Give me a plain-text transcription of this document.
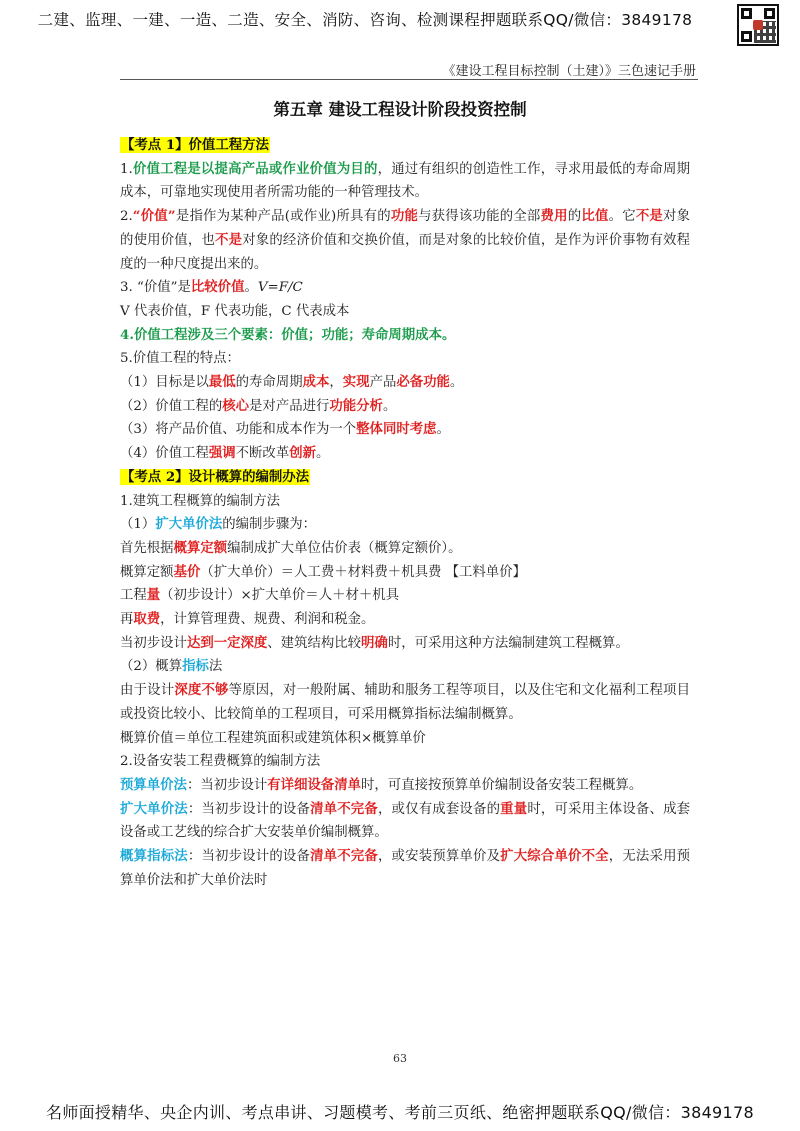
二建、监理、一建、一造、二造、安全、消防、咨询、检测课程押题联系QQ/微信：3849178
《建设工程目标控制（土建）》三色速记手册
第五章 建设工程设计阶段投资控制
【考点 1】价值工程方法
1.价值工程是以提高产品或作业价值为目的，通过有组织的创造性工作，寻求用最低的寿命周期成本，可靠地实现使用者所需功能的一种管理技术。
2.“价值”是指作为某种产品(或作业)所具有的功能与获得该功能的全部费用的比值。它不是对象的使用价值，也不是对象的经济价值和交换价值，而是对象的比较价值，是作为评价事物有效程度的一种尺度提出来的。
3. “价值”是比较价值。V=F/C
V 代表价值，F 代表功能，C 代表成本
4.价值工程涉及三个要素：价值；功能；寿命周期成本。
5.价值工程的特点：
（1）目标是以最低的寿命周期成本，实现产品必备功能。
（2）价值工程的核心是对产品进行功能分析。
（3）将产品价值、功能和成本作为一个整体同时考虑。
（4）价值工程强调不断改革创新。
【考点 2】设计概算的编制办法
1.建筑工程概算的编制方法
（1）扩大单价法的编制步骤为：
首先根据概算定额编制成扩大单位估价表（概算定额价）。
概算定额基价（扩大单价）＝人工费＋材料费＋机具费 【工料单价】
工程量（初步设计）×扩大单价＝人＋材＋机具
再取费，计算管理费、规费、利润和税金。
当初步设计达到一定深度、建筑结构比较明确时，可采用这种方法编制建筑工程概算。
（2）概算指标法
由于设计深度不够等原因，对一般附属、辅助和服务工程等项目，以及住宅和文化福利工程项目或投资比较小、比较简单的工程项目，可采用概算指标法编制概算。
概算价值＝单位工程建筑面积或建筑体积×概算单价
2.设备安装工程费概算的编制方法
预算单价法：当初步设计有详细设备清单时，可直接按预算单价编制设备安装工程概算。
扩大单价法：当初步设计的设备清单不完备，或仅有成套设备的重量时，可采用主体设备、成套设备或工艺线的综合扩大安装单价编制概算。
概算指标法：当初步设计的设备清单不完备，或安装预算单价及扩大综合单价不全，无法采用预算单价法和扩大单价法时
63
名师面授精华、央企内训、考点串讲、习题模考、考前三页纸、绝密押题联系QQ/微信：3849178
